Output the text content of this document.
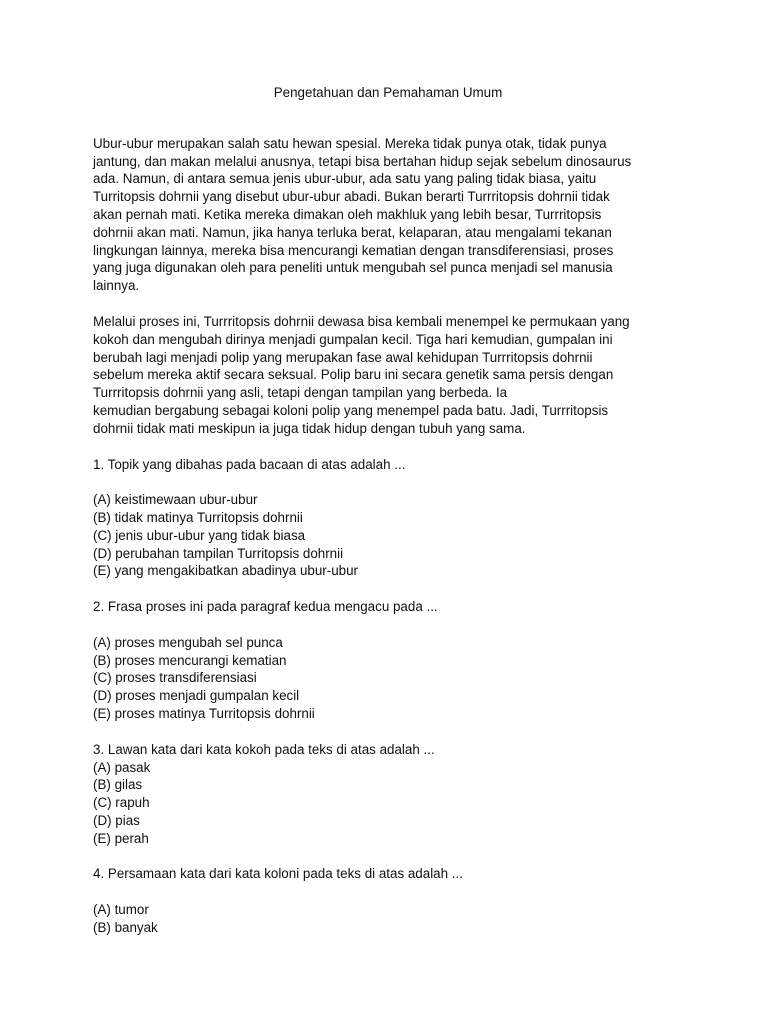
Pengetahuan dan Pemahaman Umum
Ubur-ubur merupakan salah satu hewan spesial. Mereka tidak punya otak, tidak punya
jantung, dan makan melalui anusnya, tetapi bisa bertahan hidup sejak sebelum dinosaurus
ada. Namun, di antara semua jenis ubur-ubur, ada satu yang paling tidak biasa, yaitu
Turritopsis dohrnii yang disebut ubur-ubur abadi. Bukan berarti Turrritopsis dohrnii tidak
akan pernah mati. Ketika mereka dimakan oleh makhluk yang lebih besar, Turrritopsis
dohrnii akan mati. Namun, jika hanya terluka berat, kelaparan, atau mengalami tekanan
lingkungan lainnya, mereka bisa mencurangi kematian dengan transdiferensiasi, proses
yang juga digunakan oleh para peneliti untuk mengubah sel punca menjadi sel manusia
lainnya.
Melalui proses ini, Turrritopsis dohrnii dewasa bisa kembali menempel ke permukaan yang
kokoh dan mengubah dirinya menjadi gumpalan kecil. Tiga hari kemudian, gumpalan ini
berubah lagi menjadi polip yang merupakan fase awal kehidupan Turrritopsis dohrnii
sebelum mereka aktif secara seksual. Polip baru ini secara genetik sama persis dengan
Turrritopsis dohrnii yang asli, tetapi dengan tampilan yang berbeda. Ia
kemudian bergabung sebagai koloni polip yang menempel pada batu. Jadi, Turrritopsis
dohrnii tidak mati meskipun ia juga tidak hidup dengan tubuh yang sama.
1. Topik yang dibahas pada bacaan di atas adalah ...
(A) keistimewaan ubur-ubur
(B) tidak matinya Turritopsis dohrnii
(C) jenis ubur-ubur yang tidak biasa
(D) perubahan tampilan Turritopsis dohrnii
(E) yang mengakibatkan abadinya ubur-ubur
2. Frasa proses ini pada paragraf kedua mengacu pada ...
(A) proses mengubah sel punca
(B) proses mencurangi kematian
(C) proses transdiferensiasi
(D) proses menjadi gumpalan kecil
(E) proses matinya Turritopsis dohrnii
3. Lawan kata dari kata kokoh pada teks di atas adalah ...
(A) pasak
(B) gilas
(C) rapuh
(D) pias
(E) perah
4. Persamaan kata dari kata koloni pada teks di atas adalah ...
(A) tumor
(B) banyak
